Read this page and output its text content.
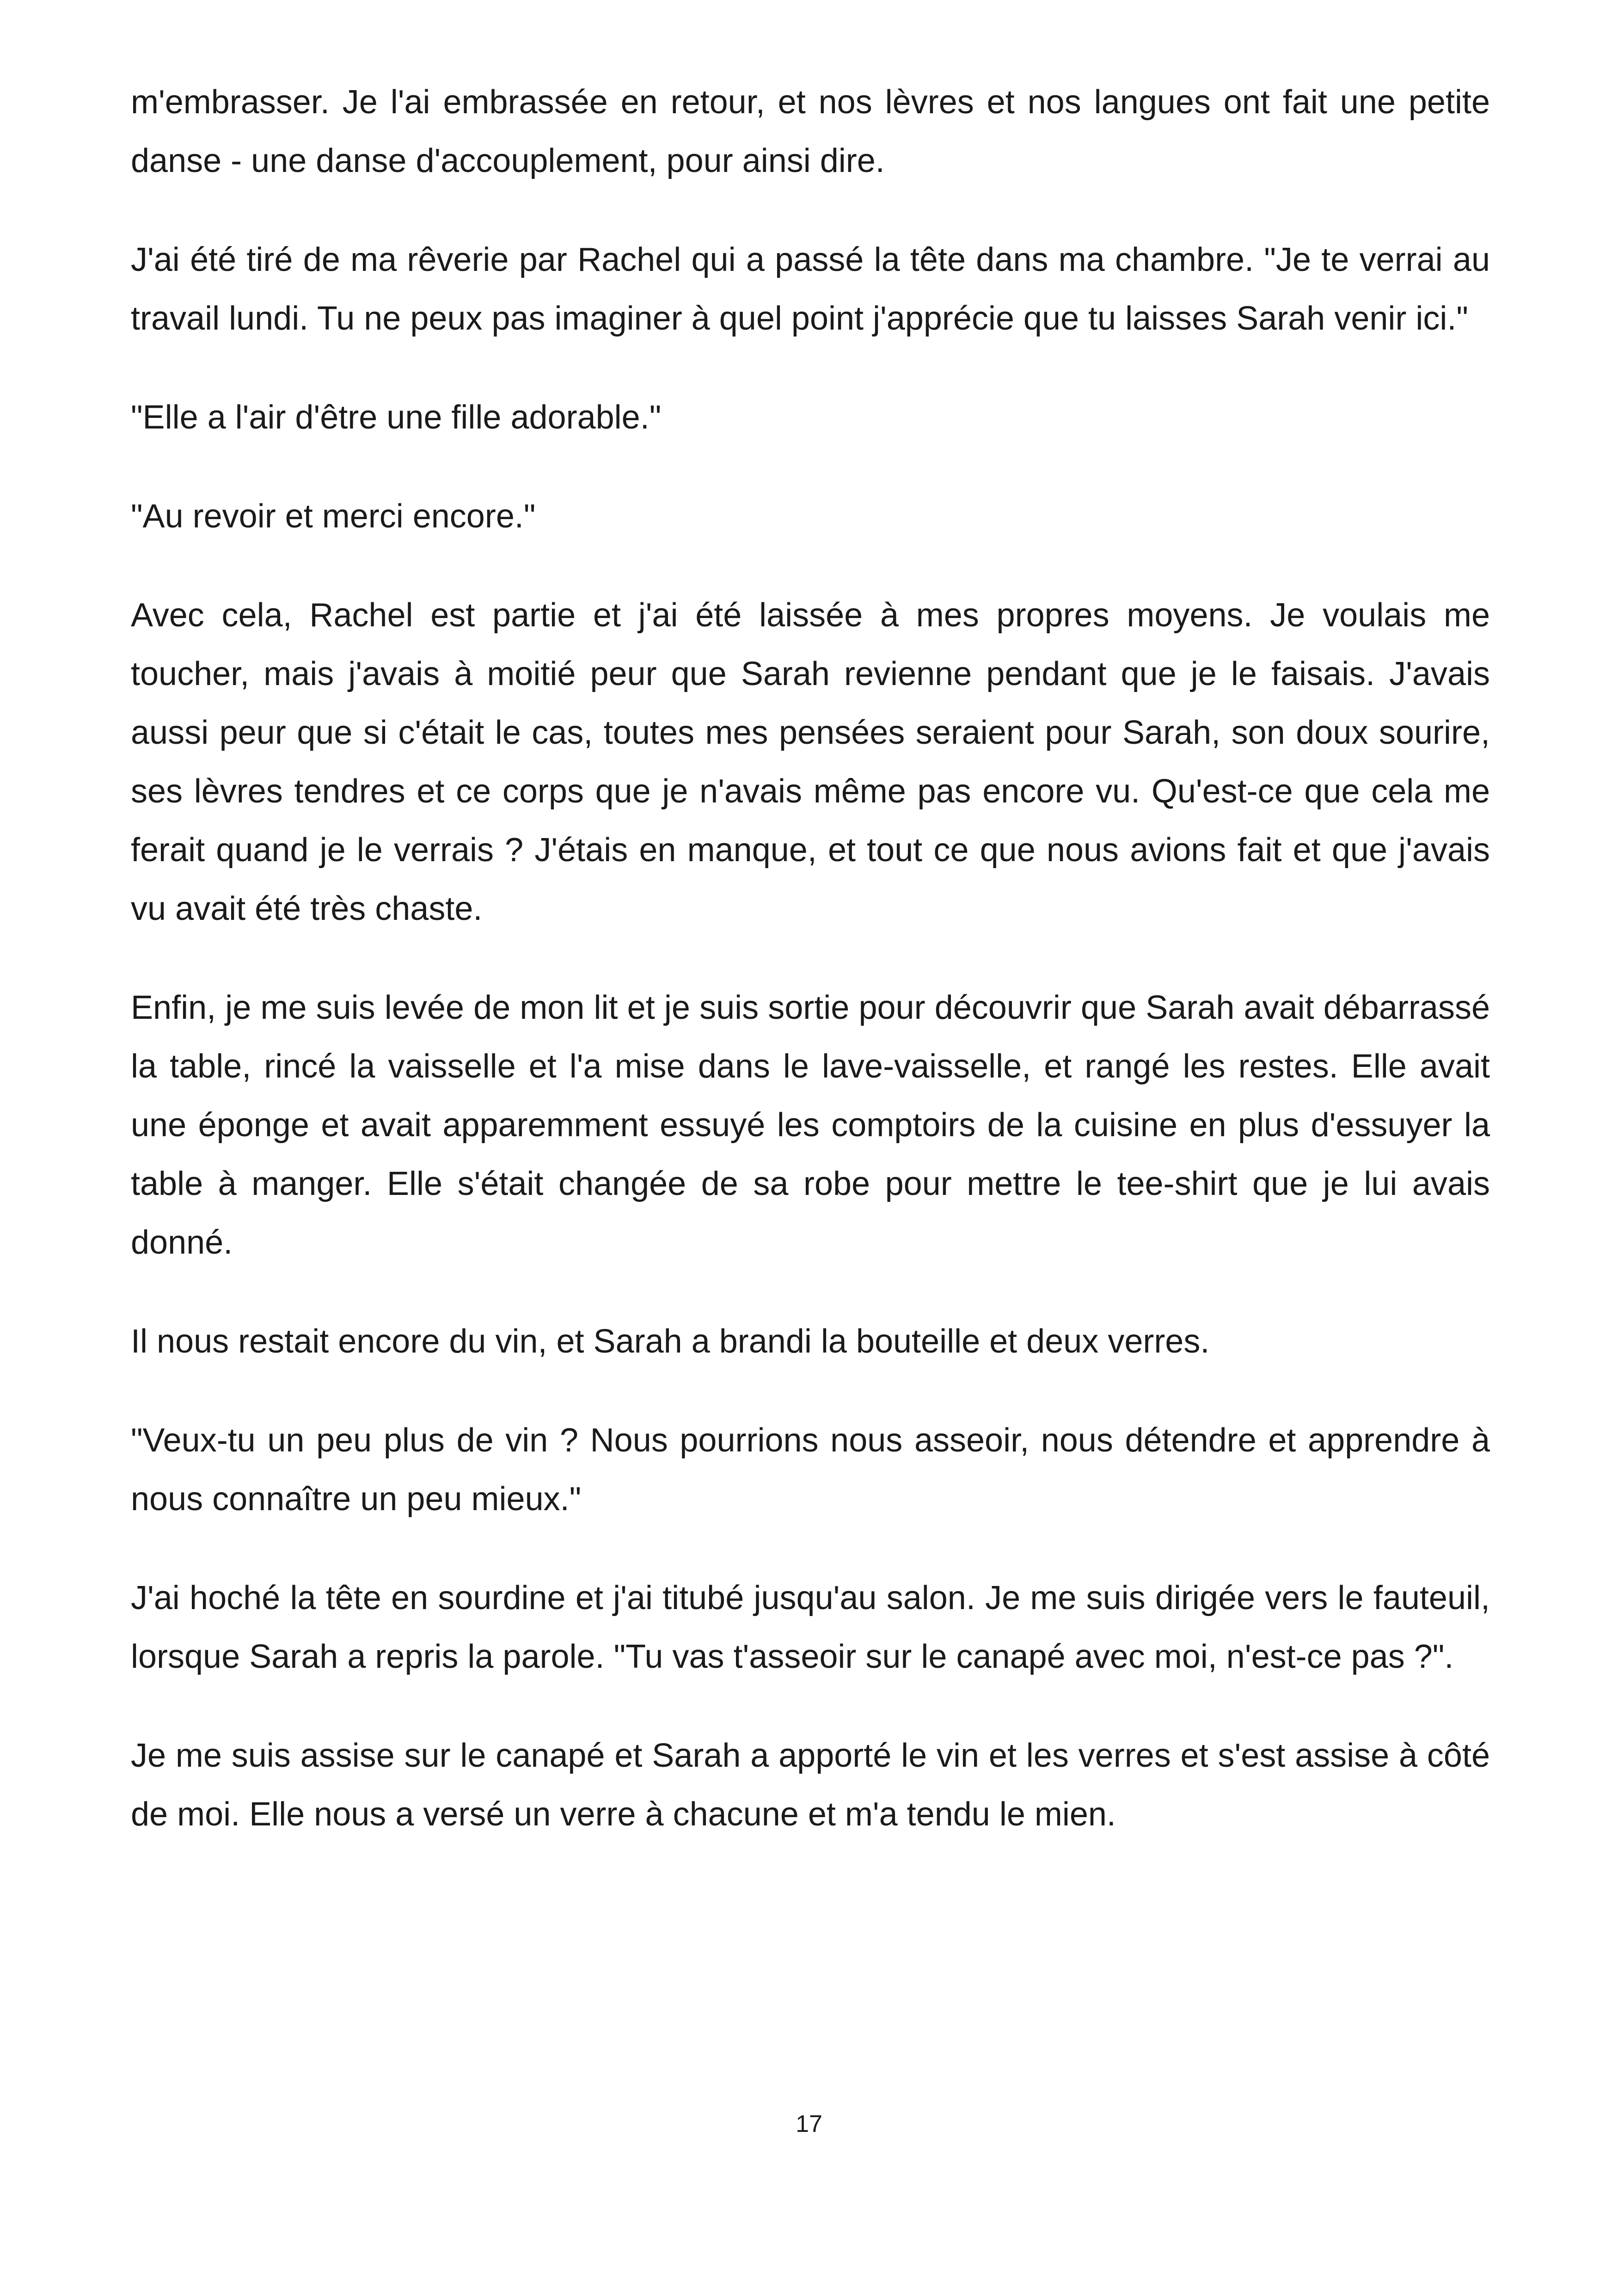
m'embrasser. Je l'ai embrassée en retour, et nos lèvres et nos langues ont fait une petite danse - une danse d'accouplement, pour ainsi dire.

J'ai été tiré de ma rêverie par Rachel qui a passé la tête dans ma chambre. "Je te verrai au travail lundi. Tu ne peux pas imaginer à quel point j'apprécie que tu laisses Sarah venir ici."

"Elle a l'air d'être une fille adorable."

"Au revoir et merci encore."

Avec cela, Rachel est partie et j'ai été laissée à mes propres moyens. Je voulais me toucher, mais j'avais à moitié peur que Sarah revienne pendant que je le faisais. J'avais aussi peur que si c'était le cas, toutes mes pensées seraient pour Sarah, son doux sourire, ses lèvres tendres et ce corps que je n'avais même pas encore vu. Qu'est-ce que cela me ferait quand je le verrais ? J'étais en manque, et tout ce que nous avions fait et que j'avais vu avait été très chaste.

Enfin, je me suis levée de mon lit et je suis sortie pour découvrir que Sarah avait débarrassé la table, rincé la vaisselle et l'a mise dans le lave-vaisselle, et rangé les restes. Elle avait une éponge et avait apparemment essuyé les comptoirs de la cuisine en plus d'essuyer la table à manger. Elle s'était changée de sa robe pour mettre le tee-shirt que je lui avais donné.

Il nous restait encore du vin, et Sarah a brandi la bouteille et deux verres.

"Veux-tu un peu plus de vin ? Nous pourrions nous asseoir, nous détendre et apprendre à nous connaître un peu mieux."

J'ai hoché la tête en sourdine et j'ai titubé jusqu'au salon. Je me suis dirigée vers le fauteuil, lorsque Sarah a repris la parole. "Tu vas t'asseoir sur le canapé avec moi, n'est-ce pas ?".

Je me suis assise sur le canapé et Sarah a apporté le vin et les verres et s'est assise à côté de moi. Elle nous a versé un verre à chacune et m'a tendu le mien.

17
